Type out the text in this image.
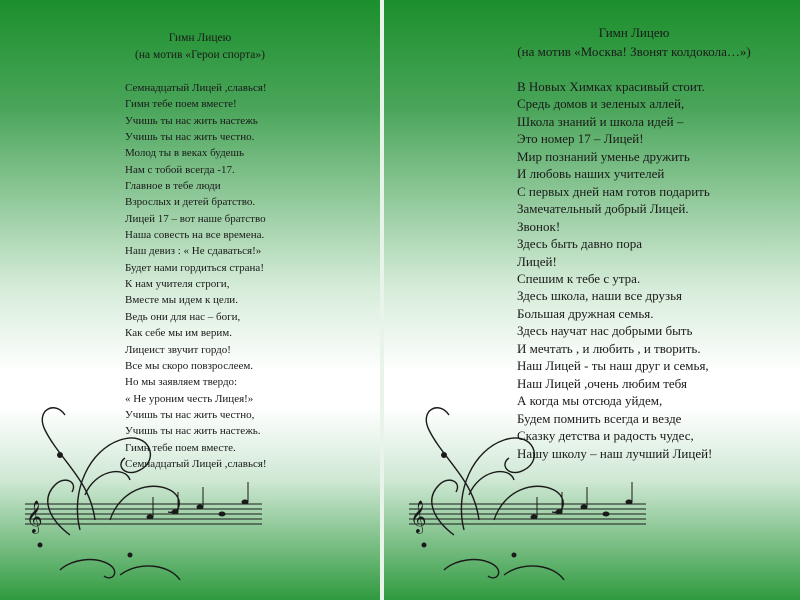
Гимн Лицею
(на мотив «Герои спорта»)
Семнадцатый Лицей ,славься!
Гимн тебе поем вместе!
Учишь ты нас жить настежь
Учишь ты нас жить честно.
Молод ты в веках будешь
Нам с тобой всегда -17.
Главное в тебе люди
Взрослых и детей братство.
Лицей 17 – вот наше братство
Наша совесть на все времена.
Наш девиз : « Не сдаваться!»
Будет нами гордиться страна!
К нам учителя строги,
Вместе мы идем к цели.
Ведь они для нас – боги,
Как себе мы им верим.
Лицеист звучит гордо!
Все мы скоро повзрослеем.
Но мы заявляем твердо:
« Не уроним честь Лицея!»
Учишь ты нас жить честно,
Учишь ты нас жить настежь.
Гимн тебе поем вместе.
Семнадцатый Лицей ,славься!
𝄞
Гимн Лицею
(на мотив «Москва! Звонят колдокола…»)
В Новых Химках красивый стоит.
Средь домов и зеленых аллей,
Школа знаний и школа идей –
Это номер 17 – Лицей!
Мир познаний уменье дружить
И любовь наших учителей
С первых дней нам готов подарить
Замечательный добрый Лицей.
Звонок!
Здесь быть давно пора
Лицей!
Спешим к тебе с утра.
Здесь школа, наши все друзья
Большая дружная семья.
Здесь научат нас добрыми быть
И мечтать , и любить , и творить.
Наш Лицей - ты наш друг и семья,
Наш Лицей ,очень любим тебя
А когда мы отсюда уйдем,
Будем помнить всегда и везде
Сказку детства и радость чудес,
Нашу школу – наш лучший Лицей!
𝄞
